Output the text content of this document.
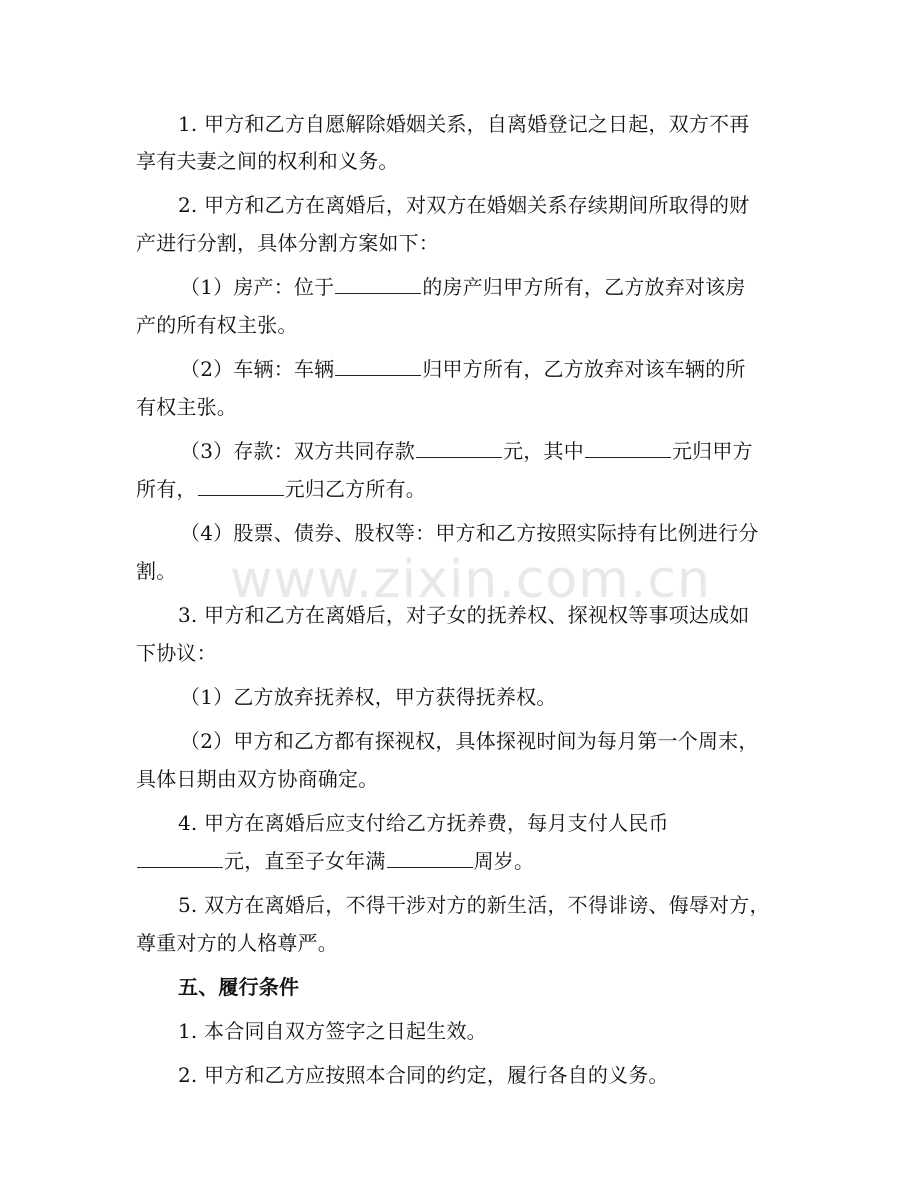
www.zixin.com.cn
1. 甲方和乙方自愿解除婚姻关系，自离婚登记之日起，双方不再
享有夫妻之间的权利和义务。
2. 甲方和乙方在离婚后，对双方在婚姻关系存续期间所取得的财
产进行分割，具体分割方案如下：
（1）房产：位于	的房产归甲方所有，乙方放弃对该房
产的所有权主张。
（2）车辆：车辆	归甲方所有，乙方放弃对该车辆的所
有权主张。
（3）存款：双方共同存款	元，其中	元归甲方
所有，	元归乙方所有。
（4）股票、债券、股权等：甲方和乙方按照实际持有比例进行分
割。
3. 甲方和乙方在离婚后，对子女的抚养权、探视权等事项达成如
下协议：
（1）乙方放弃抚养权，甲方获得抚养权。
（2）甲方和乙方都有探视权，具体探视时间为每月第一个周末，
具体日期由双方协商确定。
4. 甲方在离婚后应支付给乙方抚养费，每月支付人民币
元，直至子女年满	周岁。
5. 双方在离婚后，不得干涉对方的新生活，不得诽谤、侮辱对方，
尊重对方的人格尊严。
五、履行条件
1. 本合同自双方签字之日起生效。
2. 甲方和乙方应按照本合同的约定，履行各自的义务。
